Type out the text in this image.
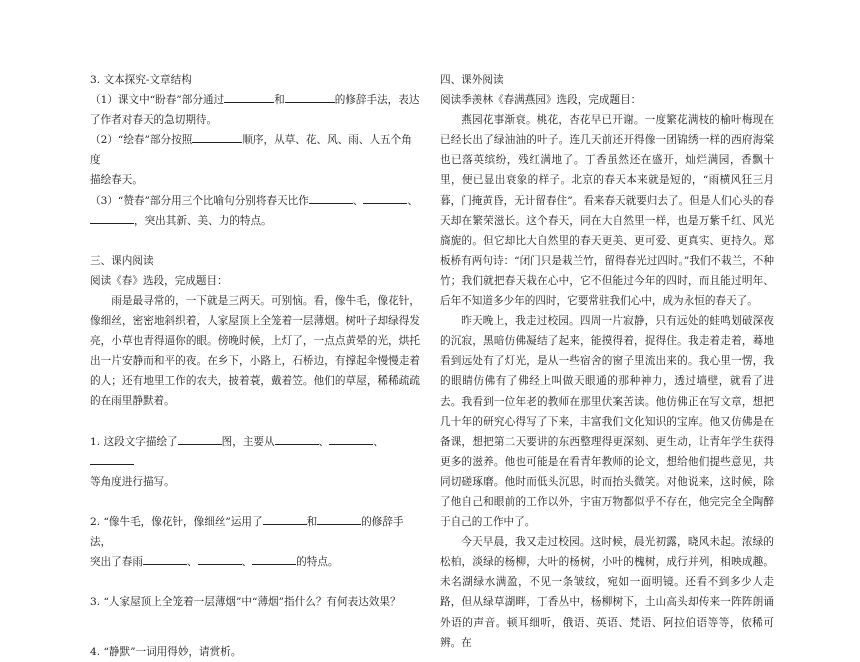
3. 文本探究-文章结构

（1）课文中“盼春”部分通过	和	的修辞手法，表达

了作者对春天的急切期待。

（2）“绘春”部分按照	顺序，从草、花、风、雨、人五个角度

描绘春天。

（3）“赞春”部分用三个比喻句分别将春天比作	、	、

，突出其新、美、力的特点。

三、课内阅读

阅读《春》选段，完成题目：

雨是最寻常的，一下就是三两天。可别恼。看，像牛毛，像花针，像细丝，密密地斜织着，人家屋顶上全笼着一层薄烟。树叶子却绿得发亮，小草也青得逼你的眼。傍晚时候，上灯了，一点点黄晕的光，烘托出一片安静而和平的夜。在乡下，小路上，石桥边，有撑起伞慢慢走着的人；还有地里工作的农夫，披着蓑，戴着笠。他们的草屋，稀稀疏疏的在雨里静默着。

1. 这段文字描绘了	图，主要从	、	、

等角度进行描写。

2. “像牛毛，像花针，像细丝”运用了	和	的修辞手法，

突出了春雨	、	、	的特点。

3. “人家屋顶上全笼着一层薄烟”中“薄烟”指什么？有何表达效果？

4. “静默”一词用得妙，请赏析。

四、课外阅读

阅读季羡林《春满燕园》选段，完成题目：

燕园花事渐衰。桃花，杏花早已开谢。一度繁花满枝的榆叶梅现在已经长出了绿油油的叶子。连几天前还开得像一团锦绣一样的西府海棠也已落英缤纷，残红满地了。丁香虽然还在盛开，灿烂满园，香飘十里，便已显出衰象的样子。北京的春天本来就是短的，“雨横风狂三月暮，门掩黄昏，无计留春住”。看来春天就要归去了。但是人们心头的春天却在繁荣滋长。这个春天，同在大自然里一样，也是万紫千红、风光旖旎的。但它却比大自然里的春天更美、更可爱、更真实、更持久。郑板桥有两句诗：“闭门只是栽兰竹，留得春光过四时。”我们不栽兰，不种竹；我们就把春天栽在心中，它不但能过今年的四时，而且能过明年、后年不知道多少年的四时，它要常驻我们心中，成为永恒的春天了。

昨天晚上，我走过校园。四周一片寂静，只有远处的蛙鸣划破深夜的沉寂，黑暗仿佛凝结了起来，能摸得着，捉得住。我走着走着，蓦地看到远处有了灯光，是从一些宿舍的窗子里流出来的。我心里一愣，我的眼睛仿佛有了佛经上叫做天眼通的那种神力，透过墙壁，就看了进去。我看到一位年老的教师在那里伏案苦读。他仿佛正在写文章，想把几十年的研究心得写了下来，丰富我们文化知识的宝库。他又仿佛是在备课，想把第二天要讲的东西整理得更深刻、更生动，让青年学生获得更多的滋养。他也可能是在看青年教师的论文，想给他们提些意见，共同切磋琢磨。他时而低头沉思，时而抬头微笑。对他说来，这时候，除了他自己和眼前的工作以外，宇宙万物都似乎不存在，他完完全全陶醉于自己的工作中了。

今天早晨，我又走过校园。这时候，晨光初露，晓风未起。浓绿的松柏，淡绿的杨柳，大叶的杨树，小叶的槐树，成行并列，相映成趣。未名湖绿水满盈，不见一条皱纹，宛如一面明镜。还看不到多少人走路，但从绿草湖畔，丁香丛中，杨柳树下，土山高头却传来一阵阵朗诵外语的声音。顿耳细听，俄语、英语、梵语、阿拉伯语等等，依稀可辨。在
